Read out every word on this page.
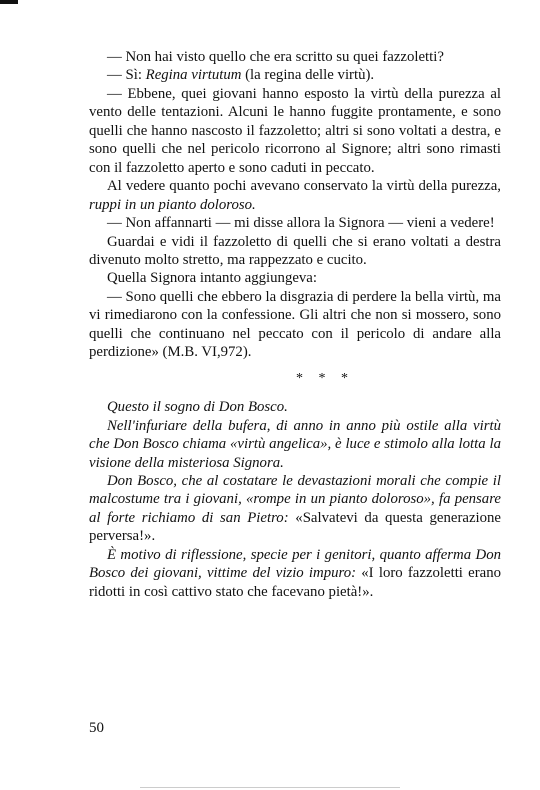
— Non hai visto quello che era scritto su quei fazzoletti?

— Sì: Regina virtutum (la regina delle virtù).

— Ebbene, quei giovani hanno esposto la virtù della purezza al vento delle tentazioni. Alcuni le hanno fuggite prontamente, e sono quelli che hanno nascosto il fazzoletto; altri si sono voltati a destra, e sono quelli che nel pericolo ricorrono al Signore; altri sono rimasti con il fazzoletto aperto e sono caduti in peccato.

Al vedere quanto pochi avevano conservato la virtù della purezza, ruppi in un pianto doloroso.

— Non affannarti — mi disse allora la Signora — vieni a vedere!

Guardai e vidi il fazzoletto di quelli che si erano voltati a destra divenuto molto stretto, ma rappezzato e cucito.

Quella Signora intanto aggiungeva:

— Sono quelli che ebbero la disgrazia di perdere la bella virtù, ma vi rimediarono con la confessione. Gli altri che non si mossero, sono quelli che continuano nel peccato con il pericolo di andare alla perdizione» (M.B. VI,972).

* * *

Questo il sogno di Don Bosco.

Nell'infuriare della bufera, di anno in anno più ostile alla virtù che Don Bosco chiama «virtù angelica», è luce e stimolo alla lotta la visione della misteriosa Signora.

Don Bosco, che al costatare le devastazioni morali che compie il malcostume tra i giovani, «rompe in un pianto doloroso», fa pensare al forte richiamo di san Pietro: «Salvatevi da questa generazione perversa!».

È motivo di riflessione, specie per i genitori, quanto afferma Don Bosco dei giovani, vittime del vizio impuro: «I loro fazzoletti erano ridotti in così cattivo stato che facevano pietà!».

50
